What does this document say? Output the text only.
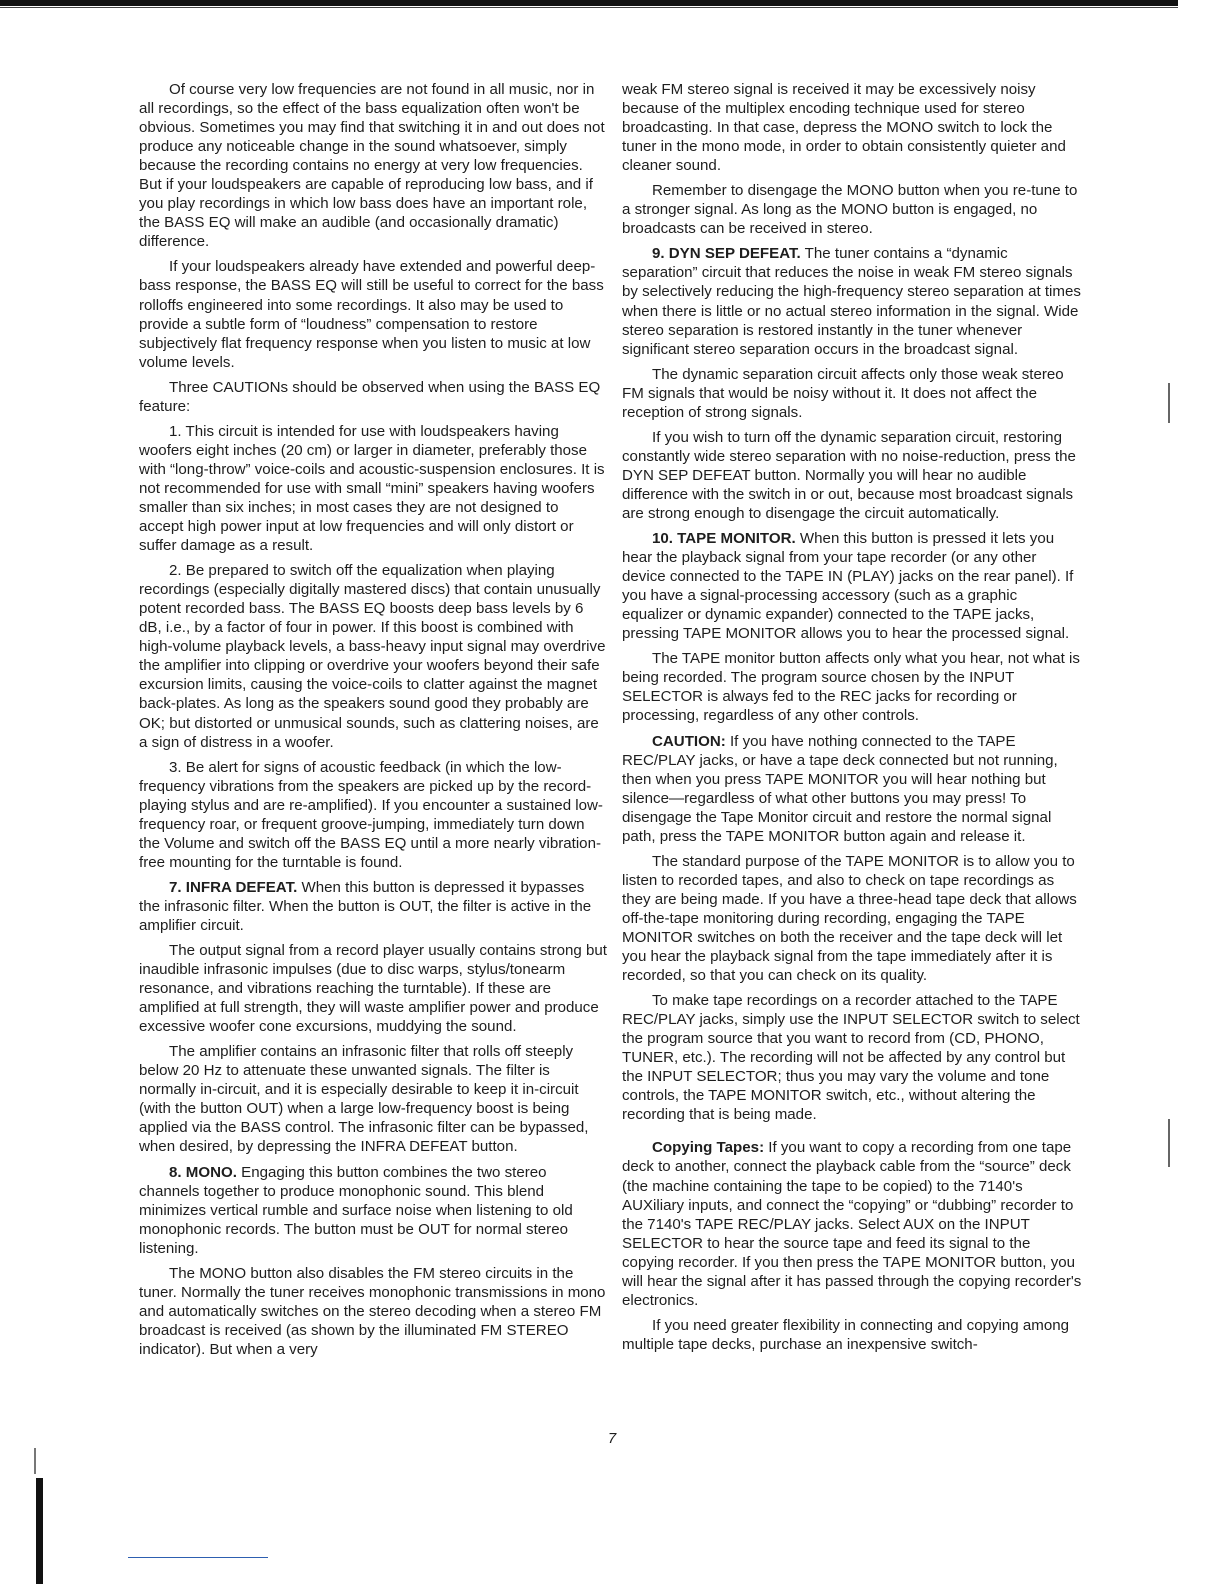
Of course very low frequencies are not found in all music, nor in all recordings, so the effect of the bass equalization often won't be obvious. Sometimes you may find that switching it in and out does not produce any noticeable change in the sound whatsoever, simply because the recording contains no energy at very low frequencies. But if your loudspeakers are capable of reproducing low bass, and if you play recordings in which low bass does have an important role, the BASS EQ will make an audible (and occasionally dramatic) difference.

If your loudspeakers already have extended and powerful deep-bass response, the BASS EQ will still be useful to correct for the bass rolloffs engineered into some recordings. It also may be used to provide a subtle form of “loudness” compensation to restore subjectively flat frequency response when you listen to music at low volume levels.

Three CAUTIONs should be observed when using the BASS EQ feature:

1. This circuit is intended for use with loudspeakers having woofers eight inches (20 cm) or larger in diameter, preferably those with “long-throw” voice-coils and acoustic-suspension enclosures. It is not recommended for use with small “mini” speakers having woofers smaller than six inches; in most cases they are not designed to accept high power input at low frequencies and will only distort or suffer damage as a result.

2. Be prepared to switch off the equalization when playing recordings (especially digitally mastered discs) that contain unusually potent recorded bass. The BASS EQ boosts deep bass levels by 6 dB, i.e., by a factor of four in power. If this boost is combined with high-volume playback levels, a bass-heavy input signal may overdrive the amplifier into clipping or overdrive your woofers beyond their safe excursion limits, causing the voice-coils to clatter against the magnet back-plates. As long as the speakers sound good they probably are OK; but distorted or unmusical sounds, such as clattering noises, are a sign of distress in a woofer.

3. Be alert for signs of acoustic feedback (in which the low-frequency vibrations from the speakers are picked up by the record-playing stylus and are re-amplified). If you encounter a sustained low-frequency roar, or frequent groove-jumping, immediately turn down the Volume and switch off the BASS EQ until a more nearly vibration-free mounting for the turntable is found.

7. INFRA DEFEAT. When this button is depressed it bypasses the infrasonic filter. When the button is OUT, the filter is active in the amplifier circuit.

The output signal from a record player usually contains strong but inaudible infrasonic impulses (due to disc warps, stylus/tonearm resonance, and vibrations reaching the turntable). If these are amplified at full strength, they will waste amplifier power and produce excessive woofer cone excursions, muddying the sound.

The amplifier contains an infrasonic filter that rolls off steeply below 20 Hz to attenuate these unwanted signals. The filter is normally in-circuit, and it is especially desirable to keep it in-circuit (with the button OUT) when a large low-frequency boost is being applied via the BASS control. The infrasonic filter can be bypassed, when desired, by depressing the INFRA DEFEAT button.

8. MONO. Engaging this button combines the two stereo channels together to produce monophonic sound. This blend minimizes vertical rumble and surface noise when listening to old monophonic records. The button must be OUT for normal stereo listening.

The MONO button also disables the FM stereo circuits in the tuner. Normally the tuner receives monophonic transmissions in mono and automatically switches on the stereo decoding when a stereo FM broadcast is received (as shown by the illuminated FM STEREO indicator). But when a very

weak FM stereo signal is received it may be excessively noisy because of the multiplex encoding technique used for stereo broadcasting. In that case, depress the MONO switch to lock the tuner in the mono mode, in order to obtain consistently quieter and cleaner sound.

Remember to disengage the MONO button when you re-tune to a stronger signal. As long as the MONO button is engaged, no broadcasts can be received in stereo.

9. DYN SEP DEFEAT. The tuner contains a “dynamic separation” circuit that reduces the noise in weak FM stereo signals by selectively reducing the high-frequency stereo separation at times when there is little or no actual stereo information in the signal. Wide stereo separation is restored instantly in the tuner whenever significant stereo separation occurs in the broadcast signal.

The dynamic separation circuit affects only those weak stereo FM signals that would be noisy without it. It does not affect the reception of strong signals.

If you wish to turn off the dynamic separation circuit, restoring constantly wide stereo separation with no noise-reduction, press the DYN SEP DEFEAT button. Normally you will hear no audible difference with the switch in or out, because most broadcast signals are strong enough to disengage the circuit automatically.

10. TAPE MONITOR. When this button is pressed it lets you hear the playback signal from your tape recorder (or any other device connected to the TAPE IN (PLAY) jacks on the rear panel). If you have a signal-processing accessory (such as a graphic equalizer or dynamic expander) connected to the TAPE jacks, pressing TAPE MONITOR allows you to hear the processed signal.

The TAPE monitor button affects only what you hear, not what is being recorded. The program source chosen by the INPUT SELECTOR is always fed to the REC jacks for recording or processing, regardless of any other controls.

CAUTION: If you have nothing connected to the TAPE REC/PLAY jacks, or have a tape deck connected but not running, then when you press TAPE MONITOR you will hear nothing but silence—regardless of what other buttons you may press! To disengage the Tape Monitor circuit and restore the normal signal path, press the TAPE MONITOR button again and release it.

The standard purpose of the TAPE MONITOR is to allow you to listen to recorded tapes, and also to check on tape recordings as they are being made. If you have a three-head tape deck that allows off-the-tape monitoring during recording, engaging the TAPE MONITOR switches on both the receiver and the tape deck will let you hear the playback signal from the tape immediately after it is recorded, so that you can check on its quality.

To make tape recordings on a recorder attached to the TAPE REC/PLAY jacks, simply use the INPUT SELECTOR switch to select the program source that you want to record from (CD, PHONO, TUNER, etc.). The recording will not be affected by any control but the INPUT SELECTOR; thus you may vary the volume and tone controls, the TAPE MONITOR switch, etc., without altering the recording that is being made.

Copying Tapes: If you want to copy a recording from one tape deck to another, connect the playback cable from the “source” deck (the machine containing the tape to be copied) to the 7140's AUXiliary inputs, and connect the “copying” or “dubbing” recorder to the 7140's TAPE REC/PLAY jacks. Select AUX on the INPUT SELECTOR to hear the source tape and feed its signal to the copying recorder. If you then press the TAPE MONITOR button, you will hear the signal after it has passed through the copying recorder's electronics.

If you need greater flexibility in connecting and copying among multiple tape decks, purchase an inexpensive switch-

7
